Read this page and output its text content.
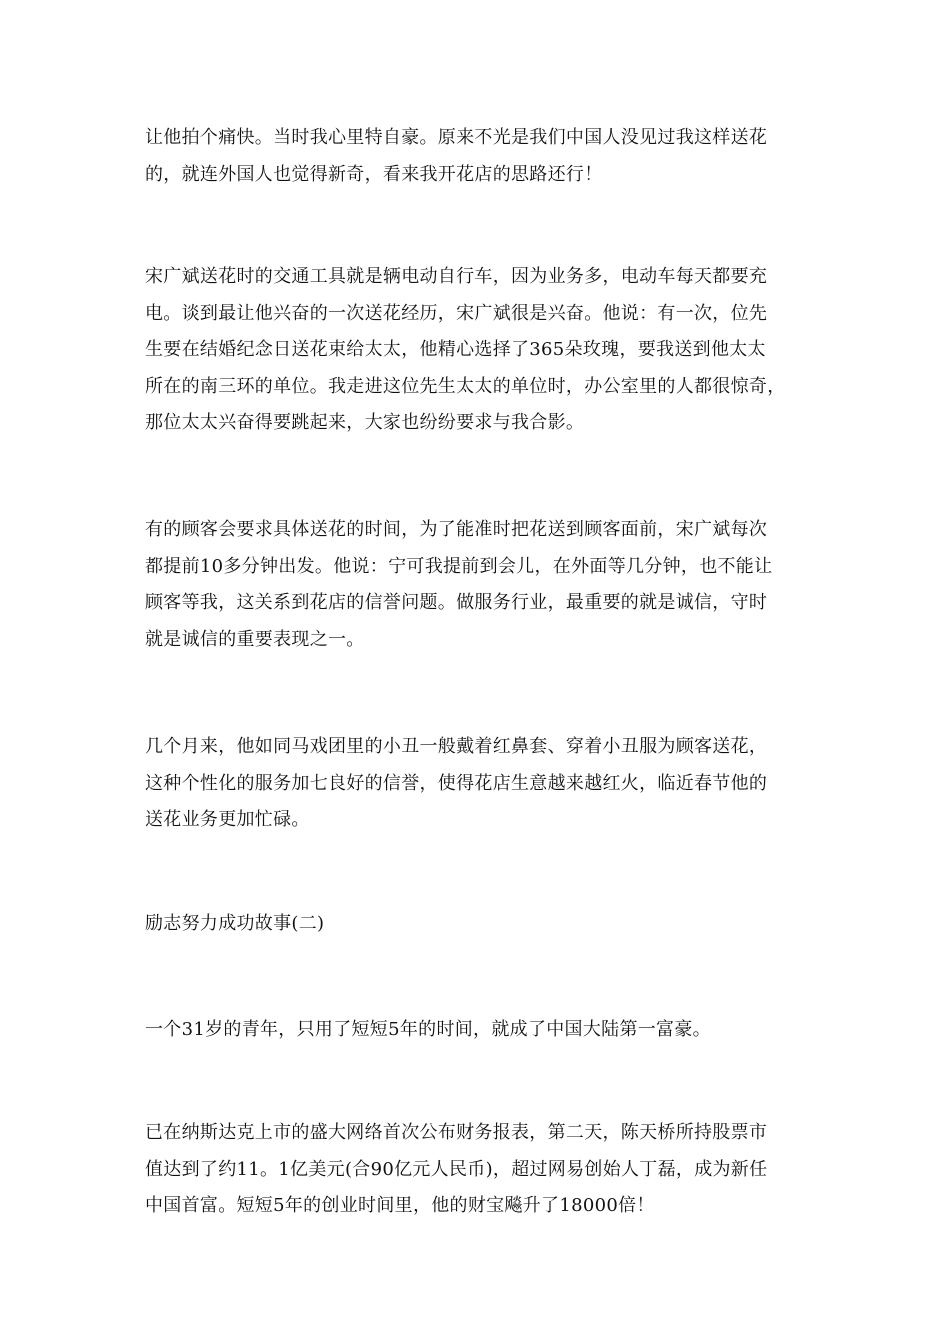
让他拍个痛快。当时我心里特自豪。原来不光是我们中国人没见过我这样送花
的，就连外国人也觉得新奇，看来我开花店的思路还行！

宋广斌送花时的交通工具就是辆电动自行车，因为业务多，电动车每天都要充
电。谈到最让他兴奋的一次送花经历，宋广斌很是兴奋。他说：有一次，位先
生要在结婚纪念日送花束给太太，他精心选择了365朵玫瑰，要我送到他太太
所在的南三环的单位。我走进这位先生太太的单位时，办公室里的人都很惊奇，
那位太太兴奋得要跳起来，大家也纷纷要求与我合影。

有的顾客会要求具体送花的时间，为了能准时把花送到顾客面前，宋广斌每次
都提前10多分钟出发。他说：宁可我提前到会儿，在外面等几分钟，也不能让
顾客等我，这关系到花店的信誉问题。做服务行业，最重要的就是诚信，守时
就是诚信的重要表现之一。

几个月来，他如同马戏团里的小丑一般戴着红鼻套、穿着小丑服为顾客送花，
这种个性化的服务加七良好的信誉，使得花店生意越来越红火，临近春节他的
送花业务更加忙碌。

励志努力成功故事(二)

一个31岁的青年，只用了短短5年的时间，就成了中国大陆第一富豪。

已在纳斯达克上市的盛大网络首次公布财务报表，第二天，陈天桥所持股票市
值达到了约11。1亿美元(合90亿元人民币)，超过网易创始人丁磊，成为新任
中国首富。短短5年的创业时间里，他的财宝飚升了18000倍！
